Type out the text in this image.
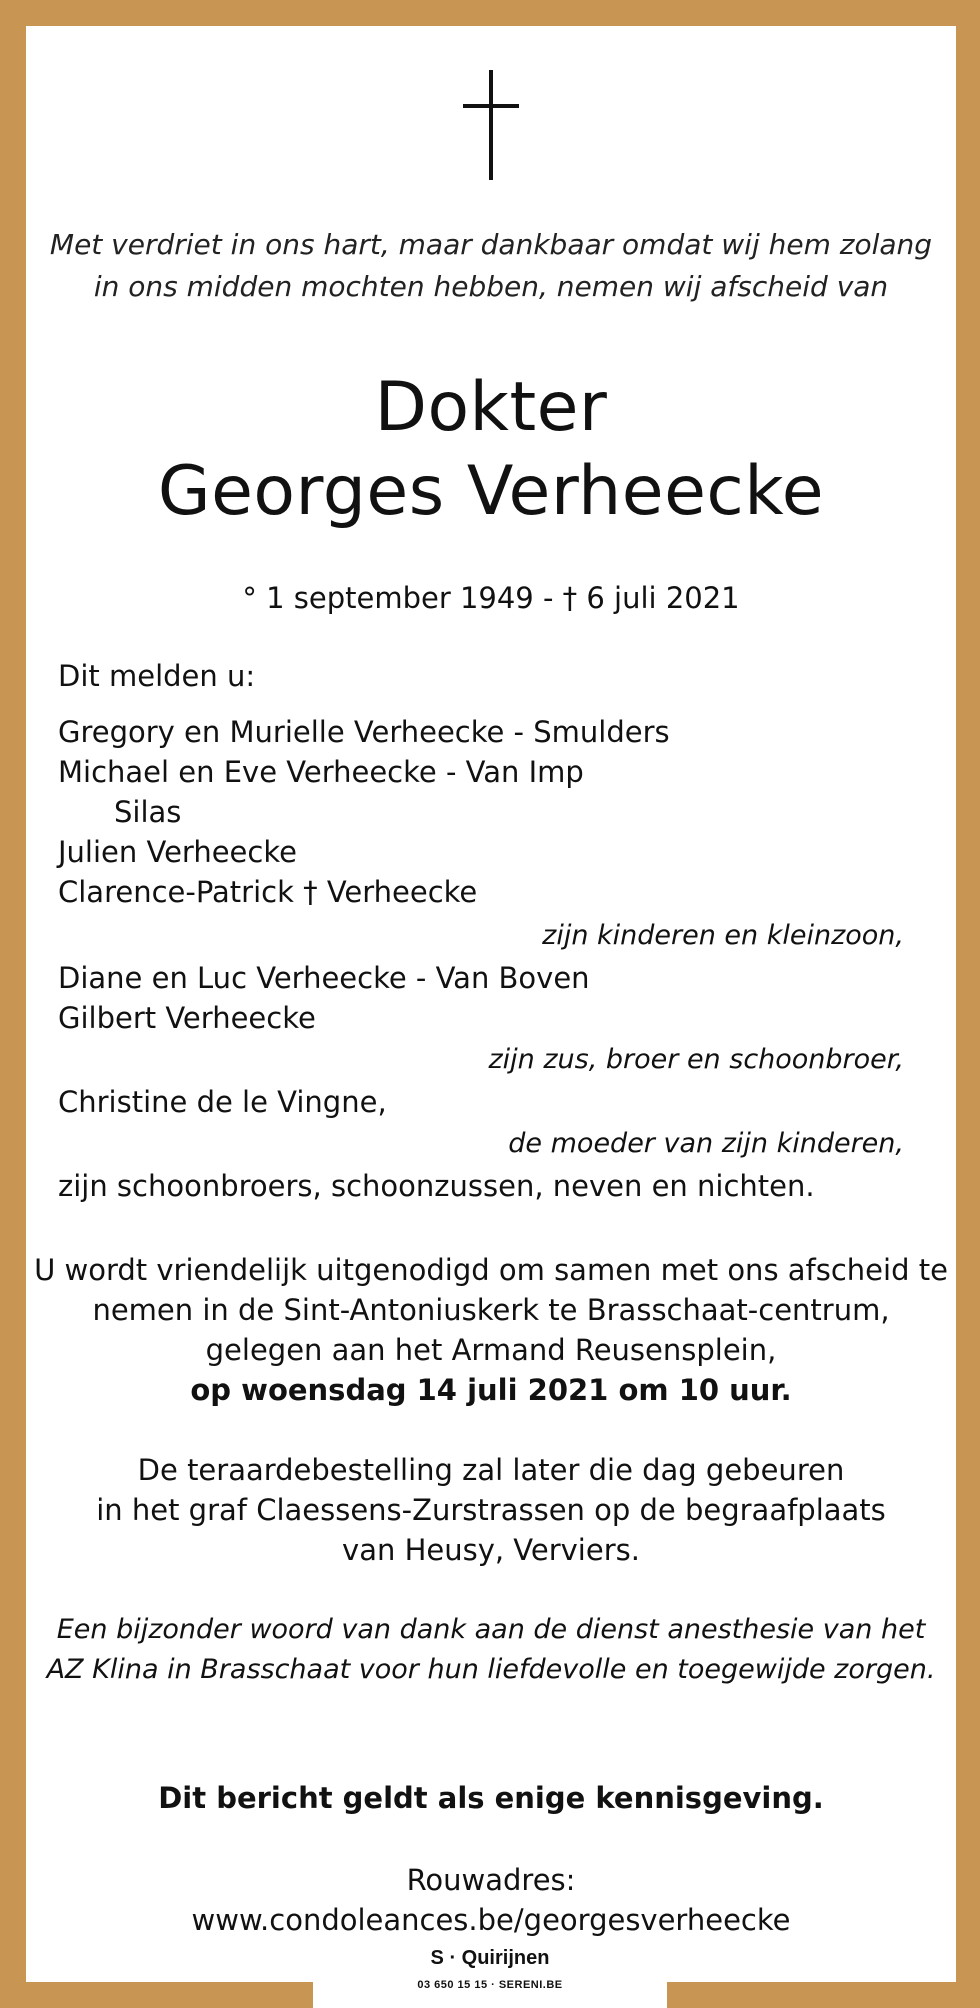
Met verdriet in ons hart, maar dankbaar omdat wij hem zolang
in ons midden mochten hebben, nemen wij afscheid van
Dokter
Georges Verheecke
° 1 september 1949 - † 6 juli 2021
Dit melden u:
Gregory en Murielle Verheecke - Smulders
Michael en Eve Verheecke - Van Imp
Silas
Julien Verheecke
Clarence-Patrick † Verheecke
zijn kinderen en kleinzoon,
Diane en Luc Verheecke - Van Boven
Gilbert Verheecke
zijn zus, broer en schoonbroer,
Christine de le Vingne,
de moeder van zijn kinderen,
zijn schoonbroers, schoonzussen, neven en nichten.
U wordt vriendelijk uitgenodigd om samen met ons afscheid te
nemen in de Sint-Antoniuskerk te Brasschaat-centrum,
gelegen aan het Armand Reusensplein,
op woensdag 14 juli 2021 om 10 uur.
De teraardebestelling zal later die dag gebeuren
in het graf Claessens-Zurstrassen op de begraafplaats
van Heusy, Verviers.
Een bijzonder woord van dank aan de dienst anesthesie van het
AZ Klina in Brasschaat voor hun liefdevolle en toegewijde zorgen.
Dit bericht geldt als enige kennisgeving.
Rouwadres:
www.condoleances.be/georgesverheecke
S · Quirijnen
03 650 15 15 · SERENI.BE
